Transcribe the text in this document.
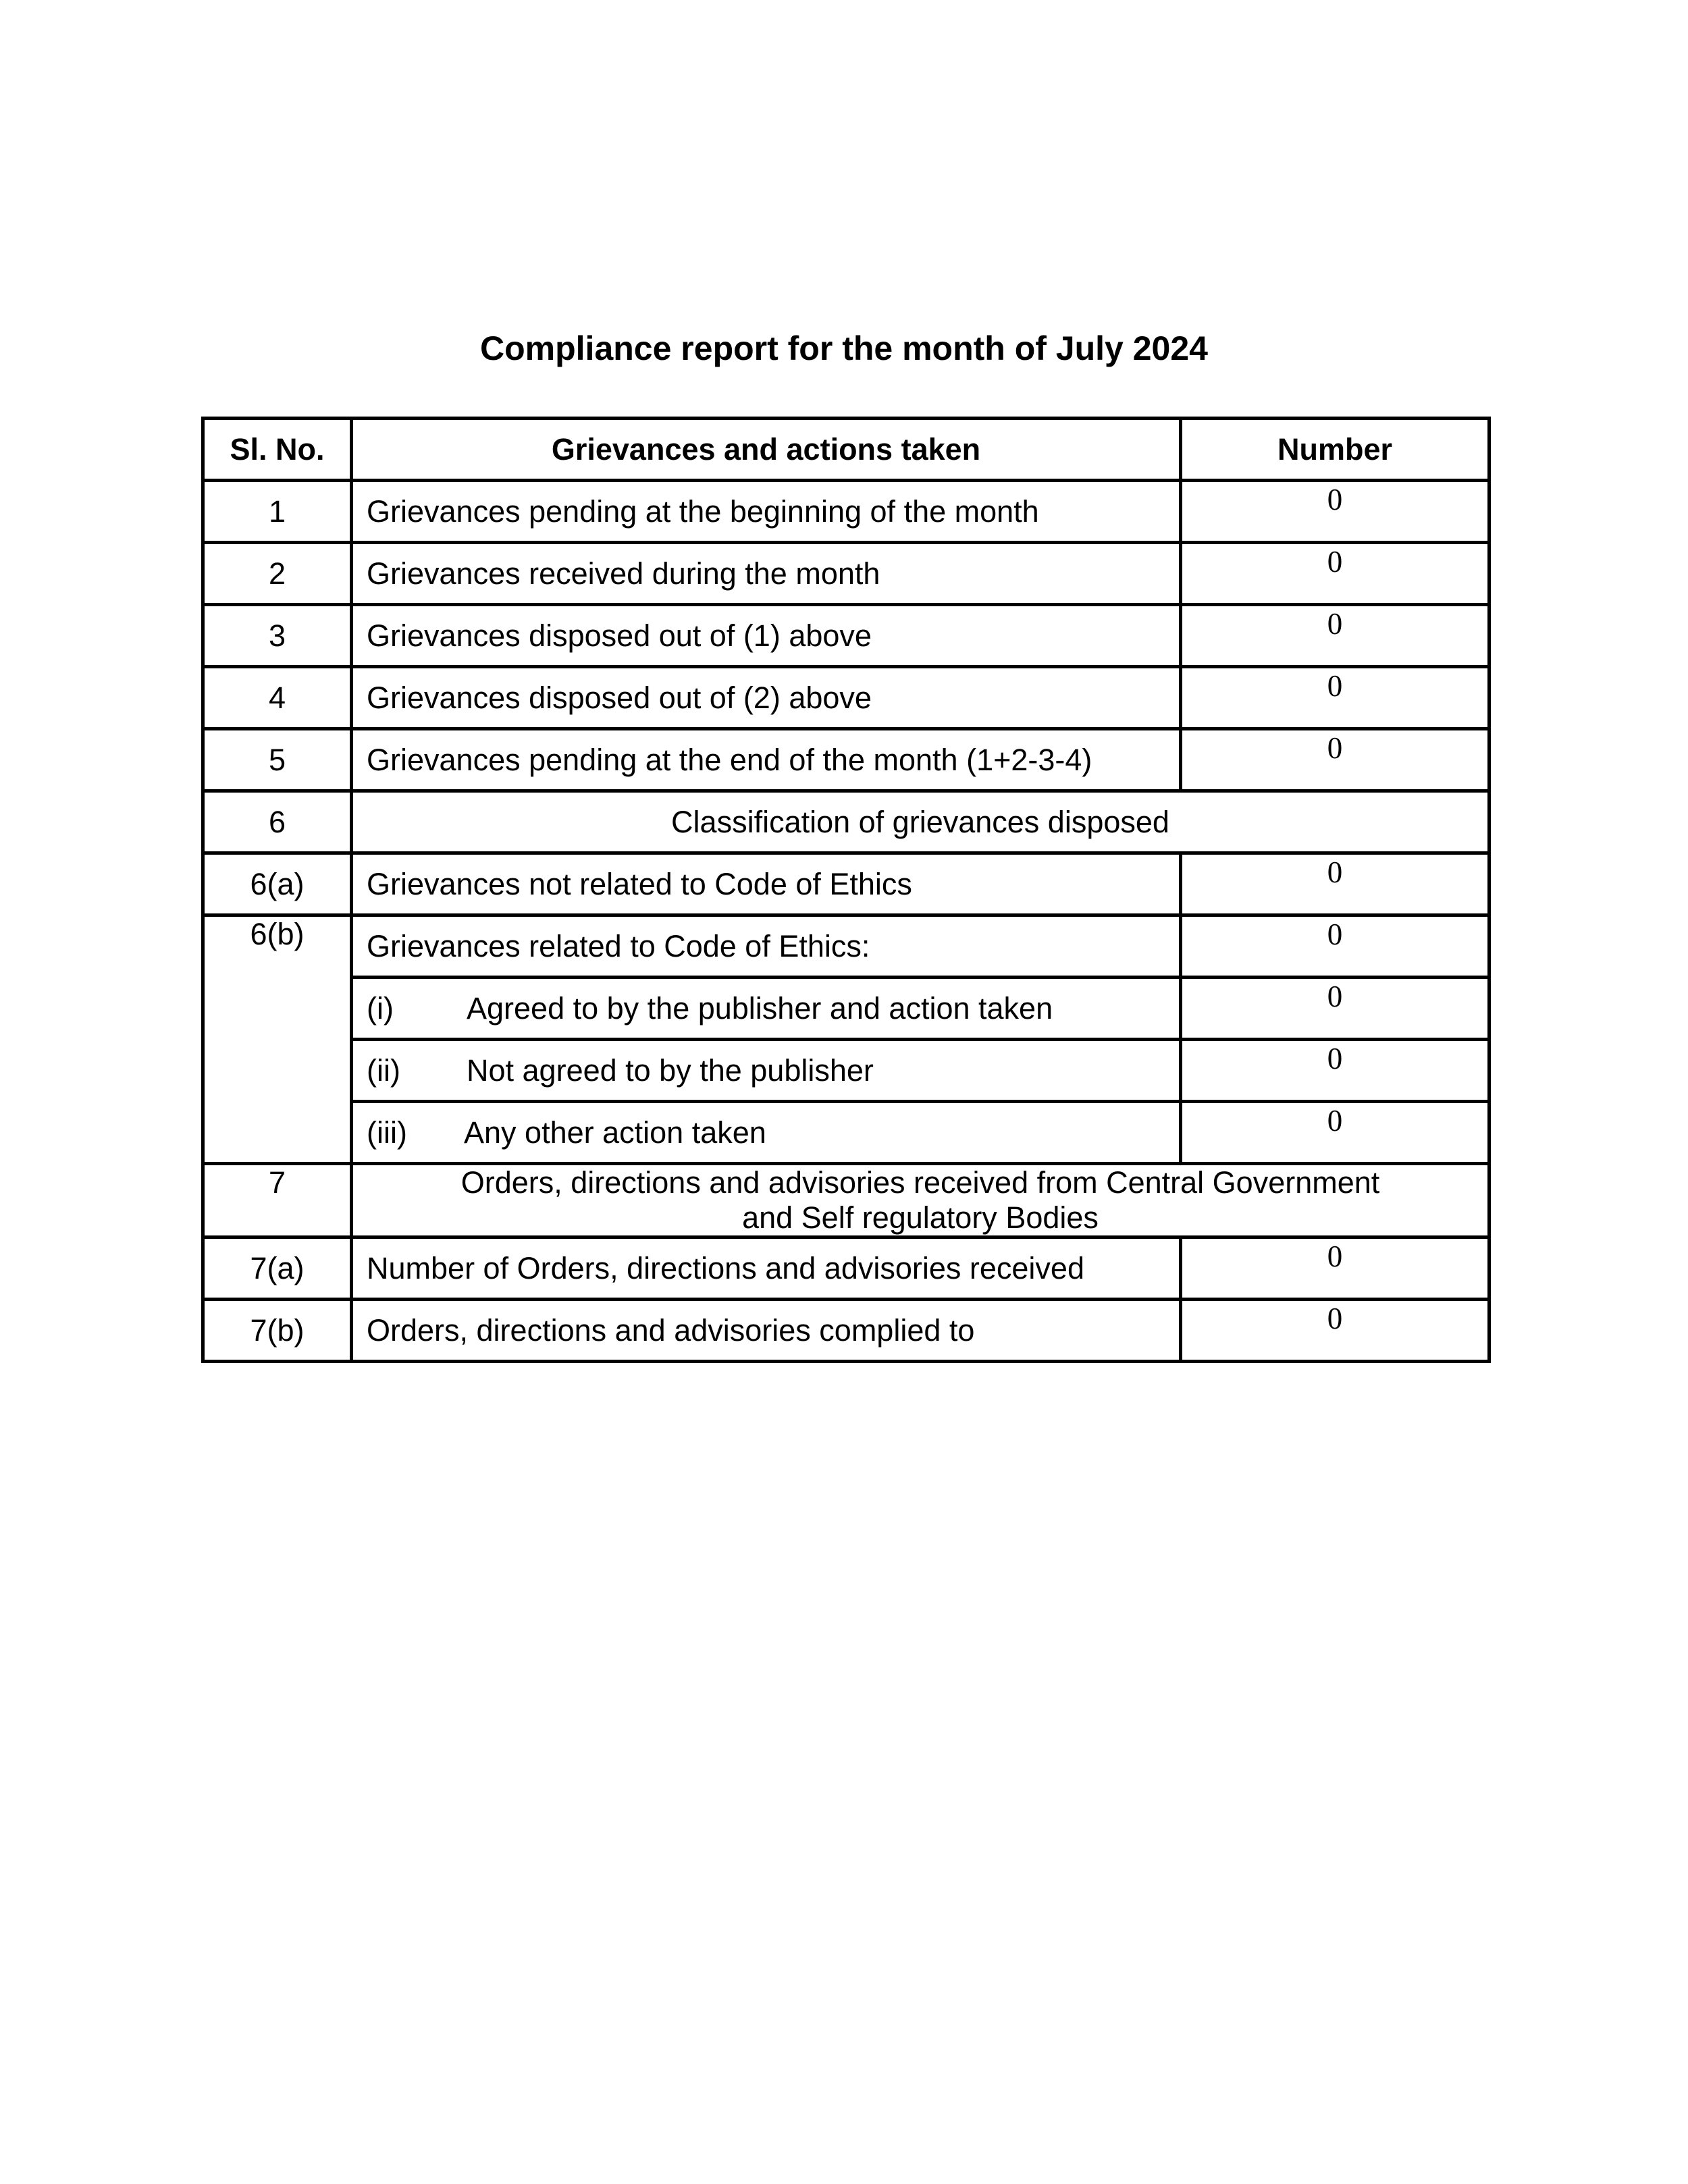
Compliance report for the month of July 2024
Sl. No.	Grievances and actions taken	Number
1	Grievances pending at the beginning of the month	0
2	Grievances received during the month	0
3	Grievances disposed out of (1) above	0
4	Grievances disposed out of (2) above	0
5	Grievances pending at the end of the month (1+2-3-4)	0
6	Classification of grievances disposed	
6(a)	Grievances not related to Code of Ethics	0
6(b)	Grievances related to Code of Ethics:	0
	(i) Agreed to by the publisher and action taken	0
	(ii) Not agreed to by the publisher	0
	(iii) Any other action taken	0
7	Orders, directions and advisories received from Central Government
and Self regulatory Bodies	
7(a)	Number of Orders, directions and advisories received	0
7(b)	Orders, directions and advisories complied to	0
